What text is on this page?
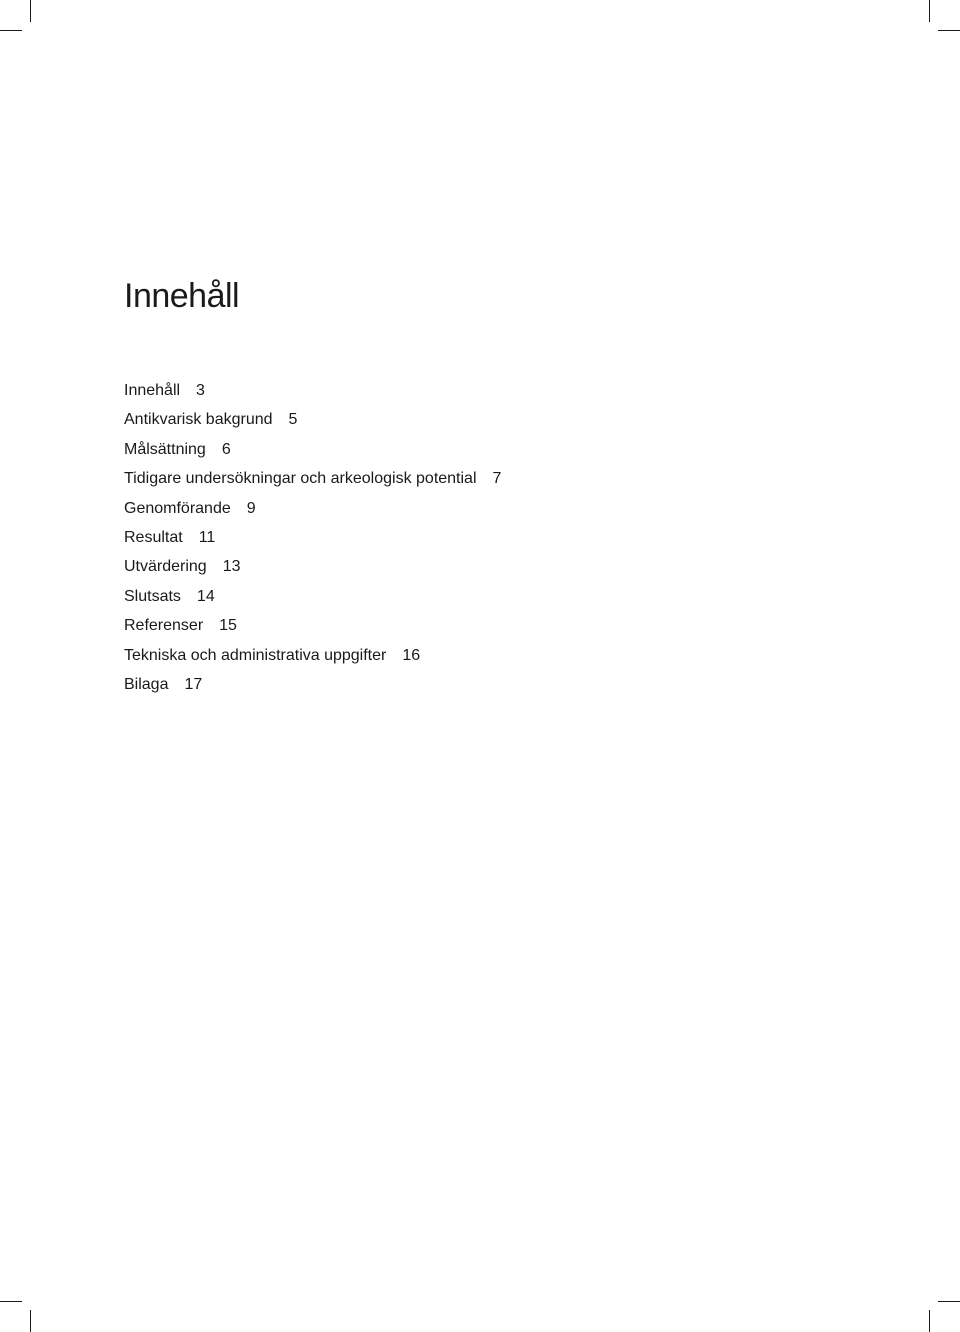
Innehåll
Innehåll 3
Antikvarisk bakgrund 5
Målsättning 6
Tidigare undersökningar och arkeologisk potential 7
Genomförande 9
Resultat 11
Utvärdering 13
Slutsats 14
Referenser 15
Tekniska och administrativa uppgifter 16
Bilaga 17
